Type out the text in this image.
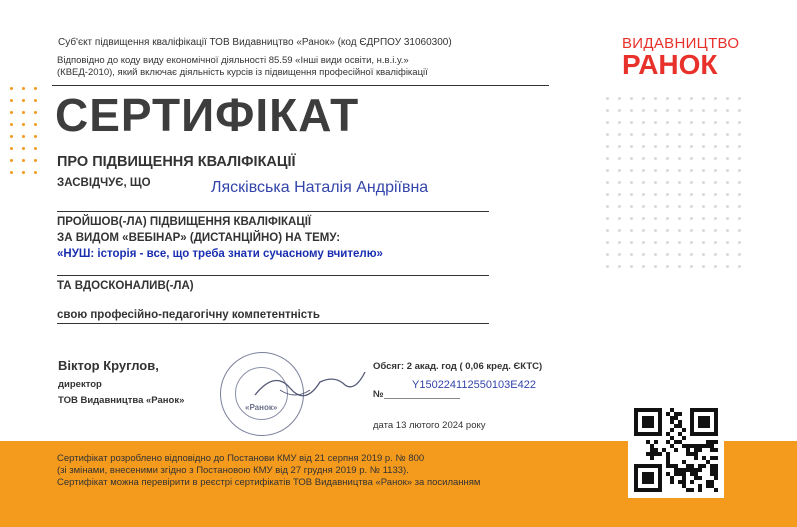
Суб'єкт підвищення кваліфікації ТОВ Видавництво «Ранок» (код ЄДРПОУ 31060300)
Відповідно до коду виду економічної діяльності 85.59 «Інші види освіти, н.в.і.у.»
(КВЕД-2010), який включає діяльність курсів із підвищення професійної кваліфікації
ВИДАВНИЦТВО
РАНОК
СЕРТИФІКАТ
ПРО ПІДВИЩЕННЯ КВАЛІФІКАЦІЇ
ЗАСВІДЧУЄ, ЩО	Лясківська Наталія Андріївна
ПРОЙШОВ(-ЛА) ПІДВИЩЕННЯ КВАЛІФІКАЦІЇ
ЗА ВИДОМ «ВЕБІНАР» (ДИСТАНЦІЙНО) НА ТЕМУ:
«НУШ: історія - все, що треба знати сучасному вчителю»
ТА ВДОСКОНАЛИВ(-ЛА)
свою професійно-педагогічну компетентність
Віктор Круглов,
директор
ТОВ Видавництва «Ранок»
«Ранок»
Обсяг: 2 акад. год ( 0,06 кред. ЄКТС)
№
Y150224112550103E422
дата 13 лютого 2024 року
Сертифікат розроблено відповідно до Постанови КМУ від 21 серпня 2019 р. № 800
(зі змінами, внесеними згідно з Постановою КМУ від 27 грудня 2019 р. № 1133).
Сертифікат можна перевірити в реєстрі сертифікатів ТОВ Видавництва «Ранок» за посиланням
